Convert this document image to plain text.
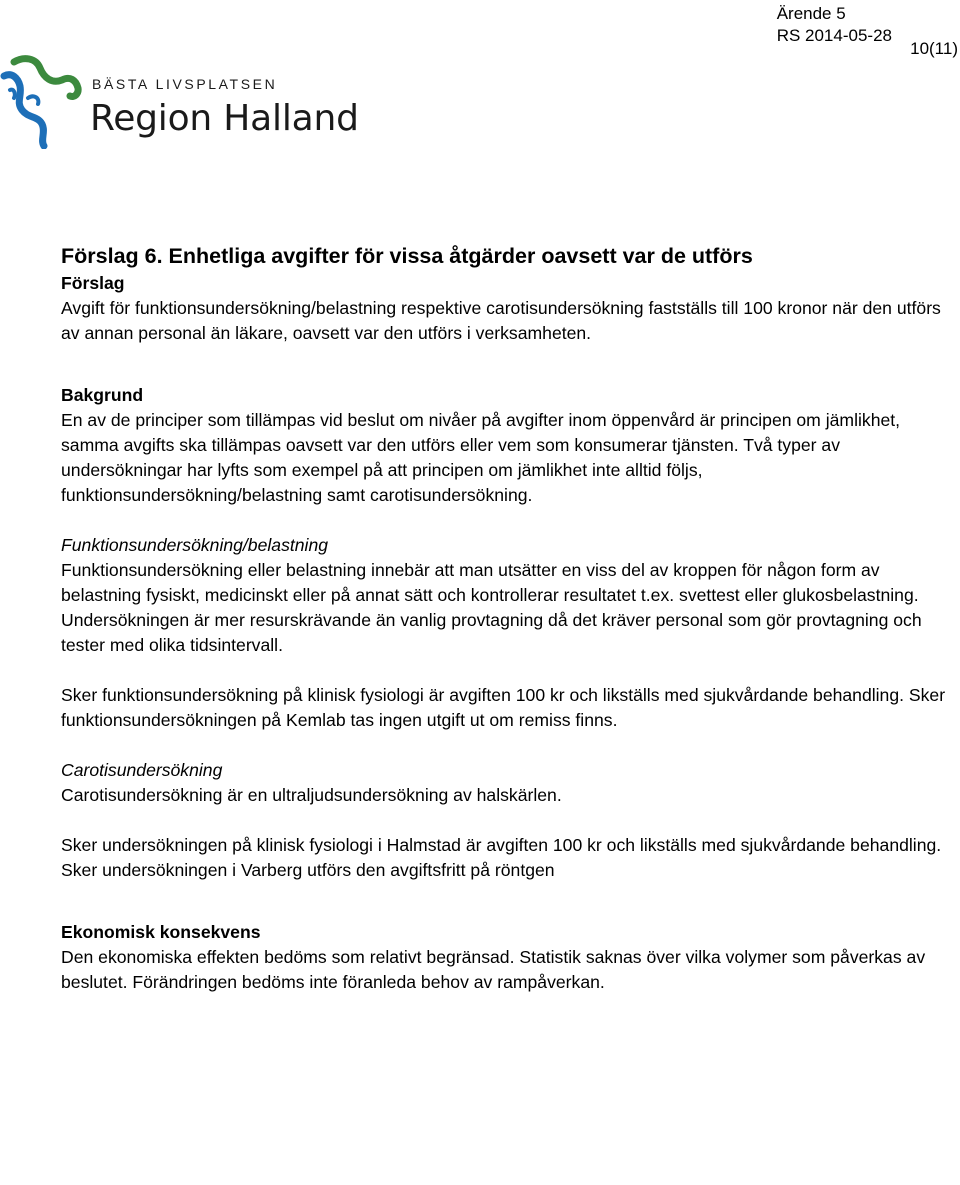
Ärende 5
RS 2014-05-28
10(11)
BÄSTA LIVSPLATSEN
Region Halland

Förslag 6. Enhetliga avgifter för vissa åtgärder oavsett var de utförs

Förslag

Avgift för funktionsundersökning/belastning respektive carotisundersökning fastställs till 100 kronor när den utförs av annan personal än läkare, oavsett var den utförs i verksamheten.

Bakgrund

En av de principer som tillämpas vid beslut om nivåer på avgifter inom öppenvård är principen om jämlikhet, samma avgifts ska tillämpas oavsett var den utförs eller vem som konsumerar tjänsten. Två typer av undersökningar har lyfts som exempel på att principen om jämlikhet inte alltid följs, funktionsundersökning/belastning samt carotisundersökning.

Funktionsundersökning/belastning

Funktionsundersökning eller belastning innebär att man utsätter en viss del av kroppen för någon form av belastning fysiskt, medicinskt eller på annat sätt och kontrollerar resultatet t.ex. svettest eller glukosbelastning. Undersökningen är mer resurskrävande än vanlig provtagning då det kräver personal som gör provtagning och tester med olika tidsintervall.

Sker funktionsundersökning på klinisk fysiologi är avgiften 100 kr och likställs med sjukvårdande behandling. Sker funktionsundersökningen på Kemlab tas ingen utgift ut om remiss finns.

Carotisundersökning

Carotisundersökning är en ultraljudsundersökning av halskärlen.

Sker undersökningen på klinisk fysiologi i Halmstad är avgiften 100 kr och likställs med sjukvårdande behandling. Sker undersökningen i Varberg utförs den avgiftsfritt på röntgen

Ekonomisk konsekvens

Den ekonomiska effekten bedöms som relativt begränsad. Statistik saknas över vilka volymer som påverkas av beslutet. Förändringen bedöms inte föranleda behov av rampåverkan.
